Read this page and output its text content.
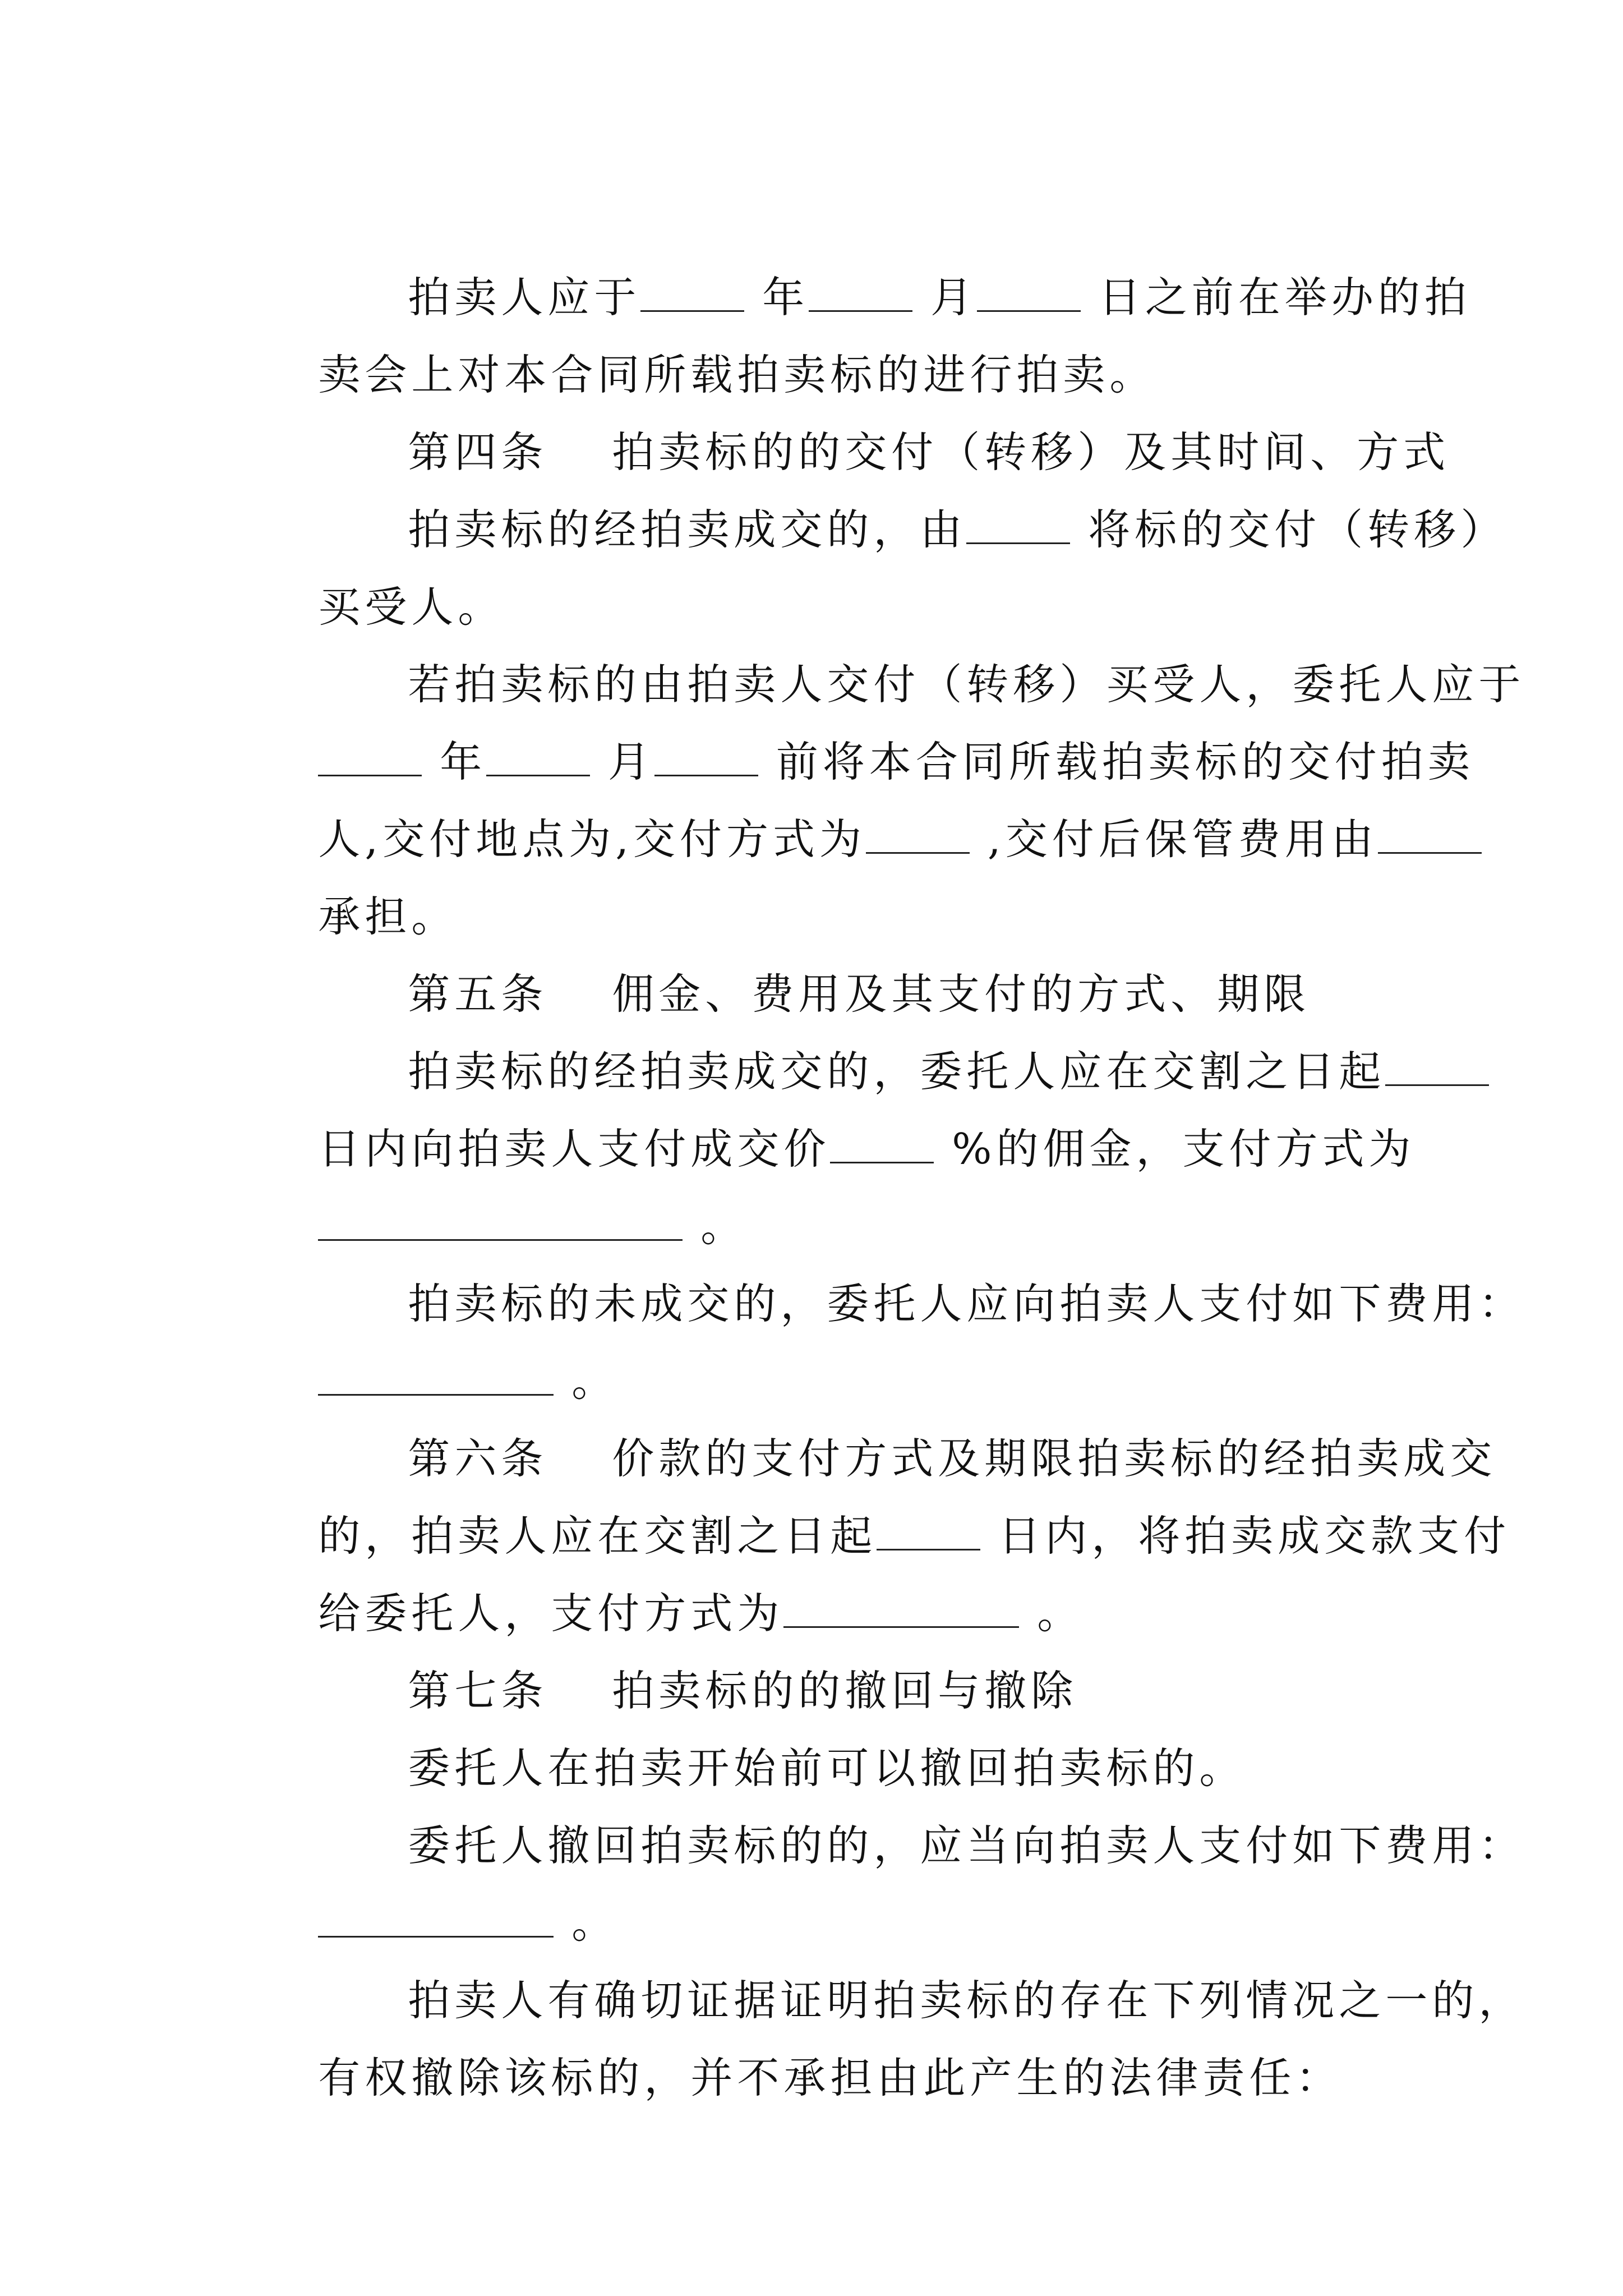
拍卖人应于 年 月 日之前在举办的拍

卖会上对本合同所载拍卖标的进行拍卖。

第四条　 拍卖标的的交付（转移）及其时间、方式

拍卖标的经拍卖成交的，由 将标的交付（转移）

买受人。

若拍卖标的由拍卖人交付（转移）买受人，委托人应于

年 月 前将本合同所载拍卖标的交付拍卖

人,交付地点为,交付方式为 ,交付后保管费用由

承担。

第五条　 佣金、费用及其支付的方式、期限

拍卖标的经拍卖成交的，委托人应在交割之日起

日内向拍卖人支付成交价 %的佣金，支付方式为

。

拍卖标的未成交的，委托人应向拍卖人支付如下费用：

。

第六条　 价款的支付方式及期限拍卖标的经拍卖成交

的，拍卖人应在交割之日起 日内，将拍卖成交款支付

给委托人，支付方式为	。

第七条　 拍卖标的的撤回与撤除

委托人在拍卖开始前可以撤回拍卖标的。

委托人撤回拍卖标的的，应当向拍卖人支付如下费用：

。

拍卖人有确切证据证明拍卖标的存在下列情况之一的，

有权撤除该标的，并不承担由此产生的法律责任：
